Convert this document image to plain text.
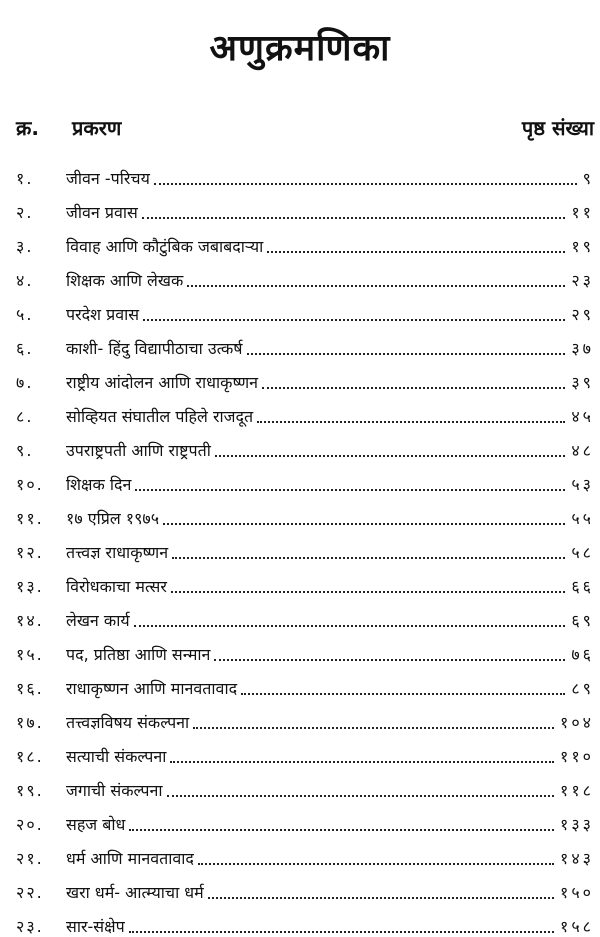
अणुक्रमणिका
क्र. प्रकरण	पृष्ठ संख्या
१.	जीवन -परिचय	९
२.	जीवन प्रवास	११
३.	विवाह आणि कौटुंबिक जबाबदाऱ्या	१९
४.	शिक्षक आणि लेखक	२३
५.	परदेश प्रवास	२९
६.	काशी- हिंदु विद्यापीठाचा उत्कर्ष	३७
७.	राष्ट्रीय आंदोलन आणि राधाकृष्णन	३९
८.	सोव्हियत संघातील पहिले राजदूत	४५
९.	उपराष्ट्रपती आणि राष्ट्रपती	४८
१०.	शिक्षक दिन	५३
११.	१७ एप्रिल १९७५	५५
१२.	तत्त्वज्ञ राधाकृष्णन	५८
१३.	विरोधकाचा मत्सर	६६
१४.	लेखन कार्य	६९
१५.	पद, प्रतिष्ठा आणि सन्मान	७६
१६.	राधाकृष्णन आणि मानवतावाद	८९
१७.	तत्त्वज्ञविषय संकल्पना	१०४
१८.	सत्याची संकल्पना	११०
१९.	जगाची संकल्पना	११८
२०.	सहज बोध	१३३
२१.	धर्म आणि मानवतावाद	१४३
२२.	खरा धर्म- आत्म्याचा धर्म	१५०
२३.	सार-संक्षेप	१५८
